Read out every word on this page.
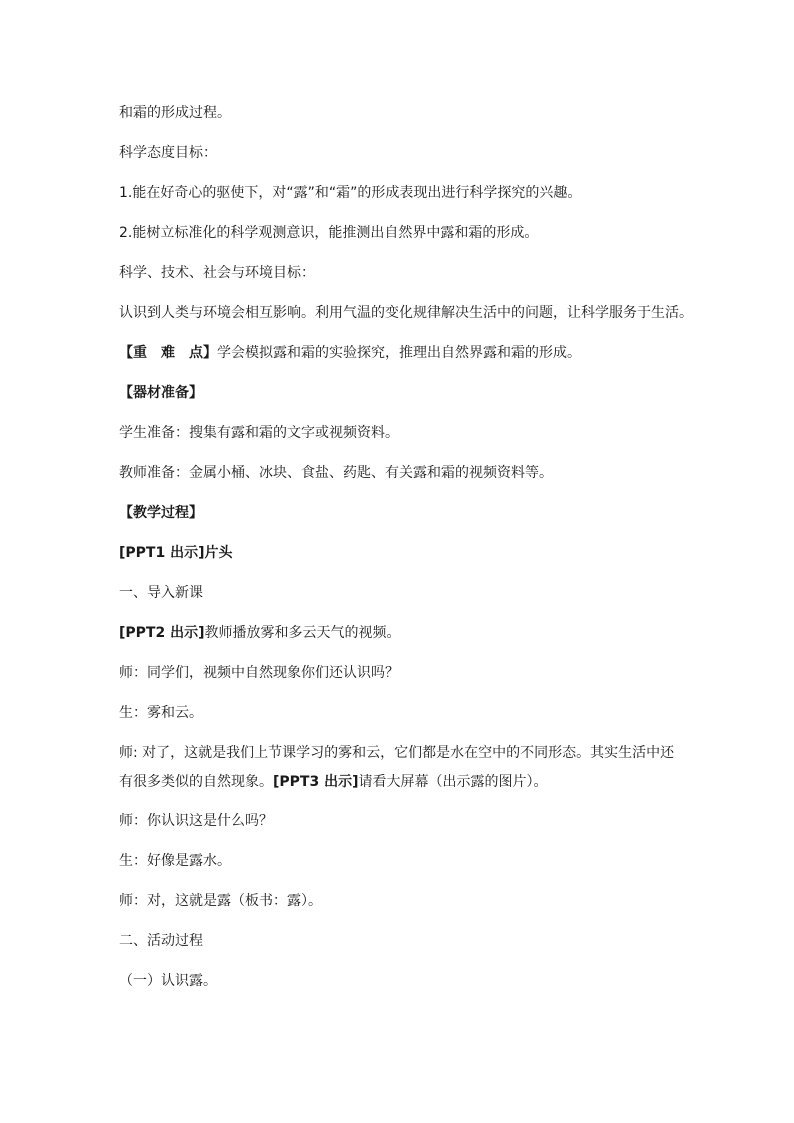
和霜的形成过程。
科学态度目标：
1.能在好奇心的驱使下，对“露”和“霜”的形成表现出进行科学探究的兴趣。
2.能树立标准化的科学观测意识，能推测出自然界中露和霜的形成。
科学、技术、社会与环境目标：
认识到人类与环境会相互影响。利用气温的变化规律解决生活中的问题，让科学服务于生活。
【重　难　点】学会模拟露和霜的实验探究，推理出自然界露和霜的形成。
【器材准备】
学生准备：搜集有露和霜的文字或视频资料。
教师准备：金属小桶、冰块、食盐、药匙、有关露和霜的视频资料等。
【教学过程】
[PPT1 出示]片头
一、导入新课
[PPT2 出示]教师播放雾和多云天气的视频。
师：同学们，视频中自然现象你们还认识吗？
生：雾和云。
师: 对了，这就是我们上节课学习的雾和云，它们都是水在空中的不同形态。其实生活中还
有很多类似的自然现象。[PPT3 出示]请看大屏幕（出示露的图片）。
师：你认识这是什么吗？
生：好像是露水。
师：对，这就是露（板书：露）。
二、活动过程
（一）认识露。
